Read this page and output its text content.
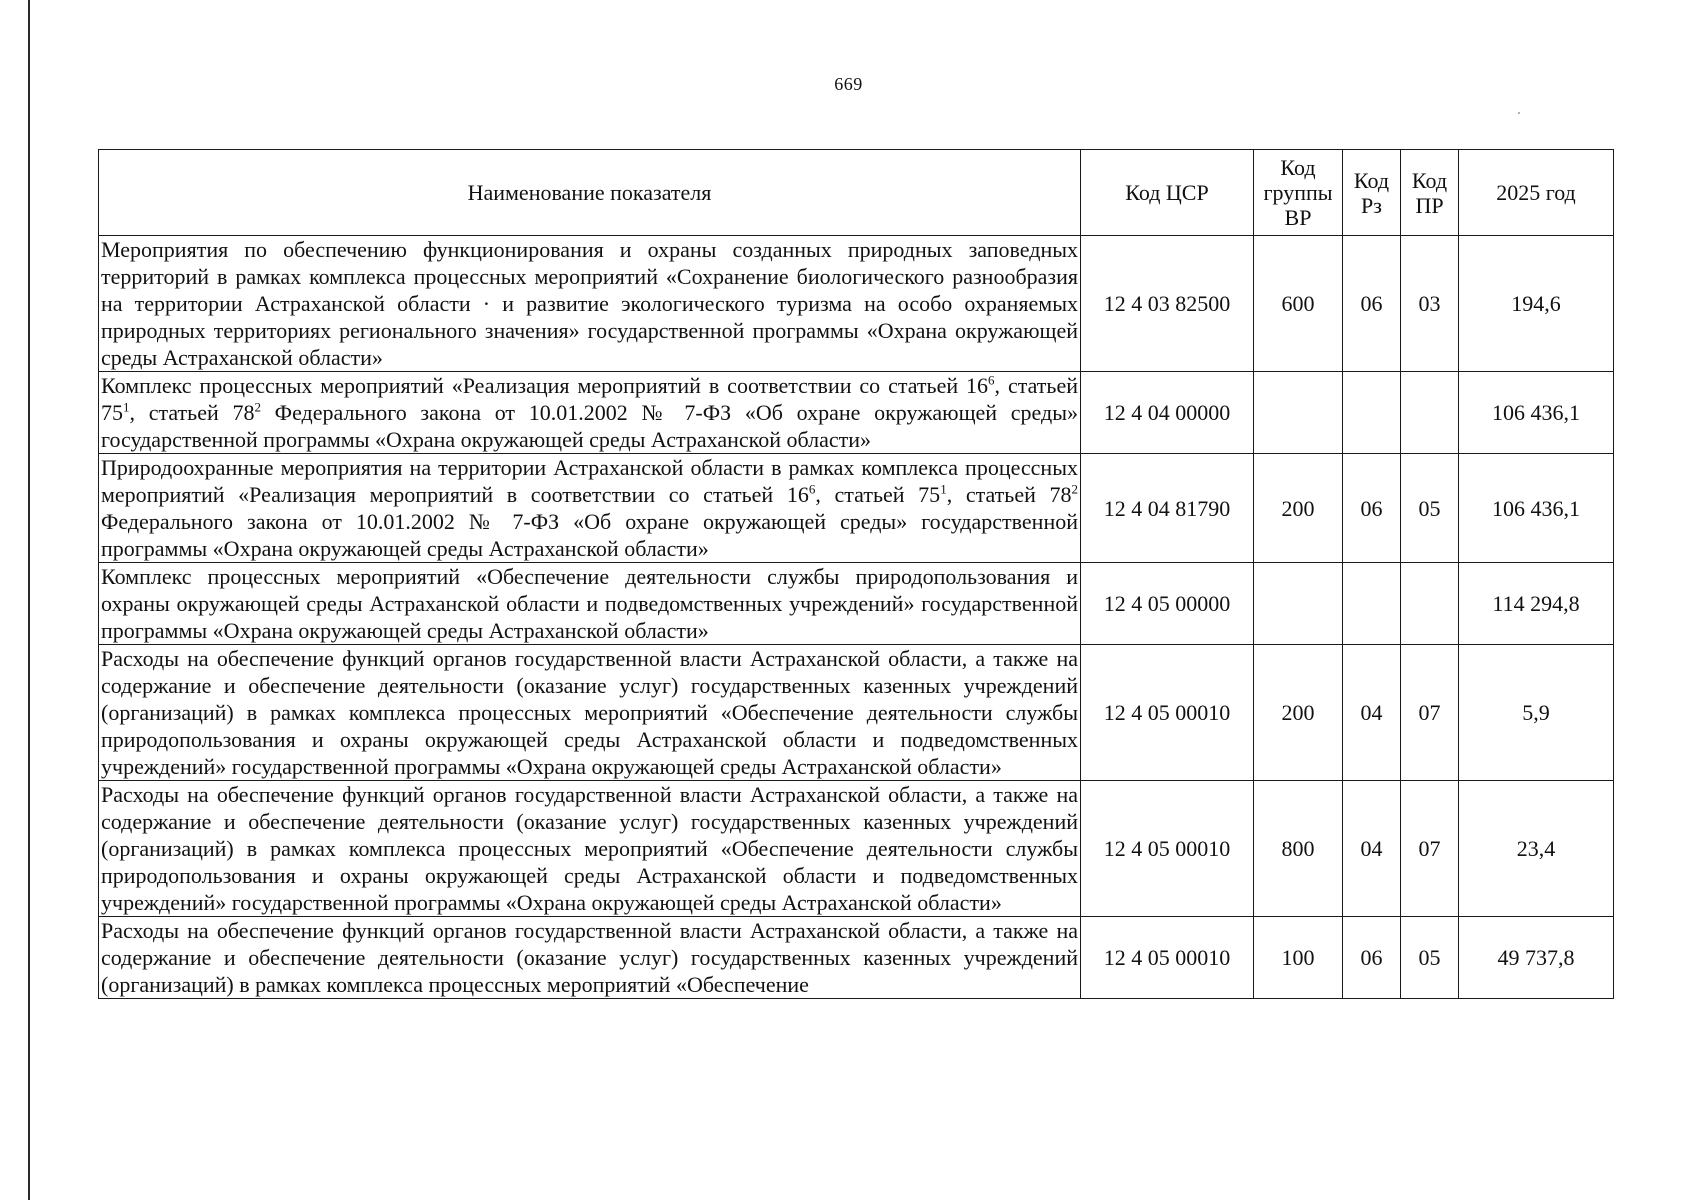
669
Наименование показателя	Код ЦСР	Код группы ВР	Код Рз	Код ПР	2025 год
Мероприятия по обеспечению функционирования и охраны созданных природных заповедных территорий в рамках комплекса процессных мероприятий «Сохранение биологического разнообразия на территории Астраханской области · и развитие экологического туризма на особо охраняемых природных территориях регионального значения» государственной программы «Охрана окружающей среды Астраханской области»	12 4 03 82500	600	06	03	194,6
Комплекс процессных мероприятий «Реализация мероприятий в соответствии со статьей $16^6$, статьей $75^1$, статьей $78^2$ Федерального закона от 10.01.2002 № 7-ФЗ «Об охране окружающей среды» государственной программы «Охрана окружающей среды Астраханской области»	12 4 04 00000				106 436,1
Природоохранные мероприятия на территории Астраханской области в рамках комплекса процессных мероприятий «Реализация мероприятий в соответствии со статьей $16^6$, статьей $75^1$, статьей $78^2$ Федерального закона от 10.01.2002 № 7-ФЗ «Об охране окружающей среды» государственной программы «Охрана окружающей среды Астраханской области»	12 4 04 81790	200	06	05	106 436,1
Комплекс процессных мероприятий «Обеспечение деятельности службы природопользования и охраны окружающей среды Астраханской области и подведомственных учреждений» государственной программы «Охрана окружающей среды Астраханской области»	12 4 05 00000				114 294,8
Расходы на обеспечение функций органов государственной власти Астраханской области, а также на содержание и обеспечение деятельности (оказание услуг) государственных казенных учреждений (организаций) в рамках комплекса процессных мероприятий «Обеспечение деятельности службы природопользования и охраны окружающей среды Астраханской области и подведомственных учреждений» государственной программы «Охрана окружающей среды Астраханской области»	12 4 05 00010	200	04	07	5,9
Расходы на обеспечение функций органов государственной власти Астраханской области, а также на содержание и обеспечение деятельности (оказание услуг) государственных казенных учреждений (организаций) в рамках комплекса процессных мероприятий «Обеспечение деятельности службы природопользования и охраны окружающей среды Астраханской области и подведомственных учреждений» государственной программы «Охрана окружающей среды Астраханской области»	12 4 05 00010	800	04	07	23,4

Расходы на обеспечение функций органов государственной власти Астраханской области, а также на содержание и обеспечение деятельности (оказание услуг) государственных казенных учреждений (организаций) в рамках комплекса процессных мероприятий «Обеспечение	12 4 05 00010	100	06	05	49 737,8
